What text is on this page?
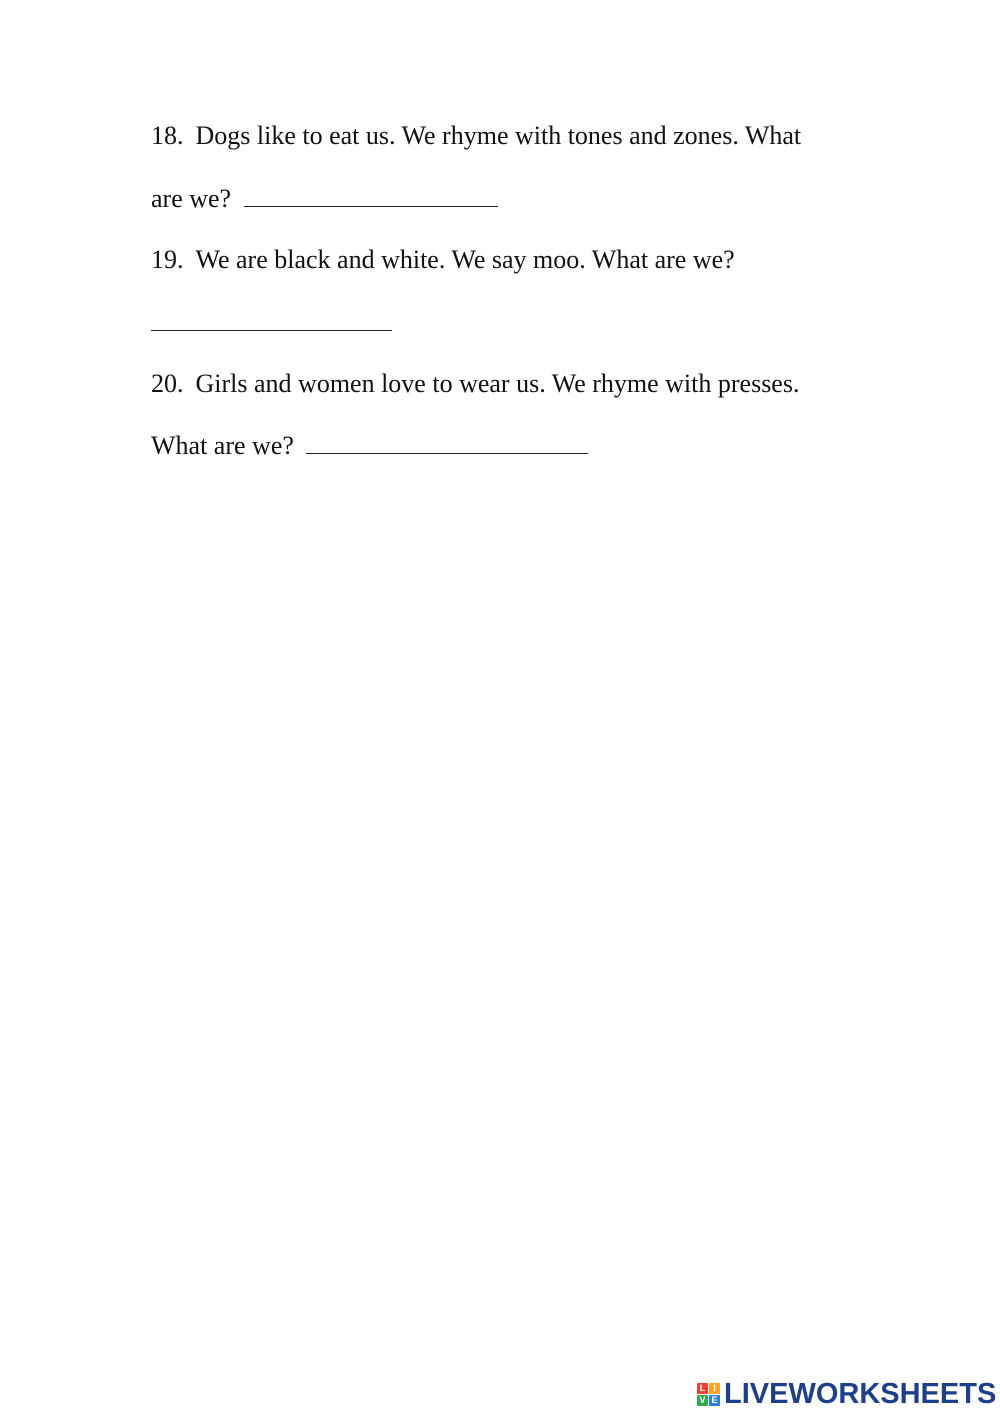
18. Dogs like to eat us. We rhyme with tones and zones. What
are we?
19. We are black and white. We say moo. What are we?
20. Girls and women love to wear us. We rhyme with presses.
What are we?
L I
V E LIVEWORKSHEETS
